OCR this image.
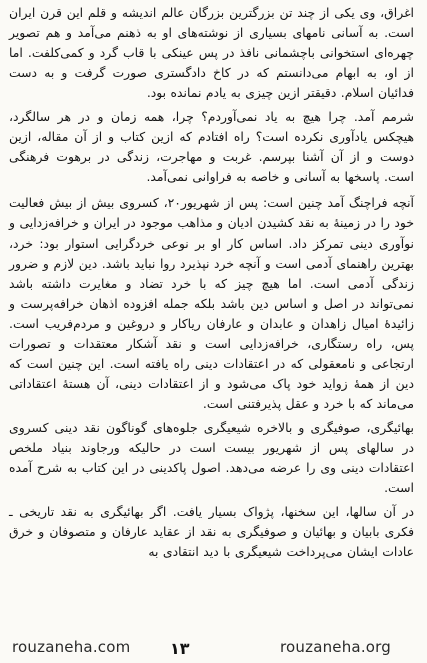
اغراق، وی یکی از چند تن بزرگترین بزرگان عالم اندیشه و قلم این قرن ایران است. به آسانی نامهای بسیاری از نوشته‌های او به ذهنم می‌آمد و هم تصویر چهره‌ای استخوانی باچشمانی نافذ در پس عینکی با قاب گرد و کمی‌کلفت. اما از او، به ابهام می‌دانستم که در کاخ دادگستری صورت گرفت و به دست فدائیان اسلام. دقیقتر ازین چیزی به یادم نمانده بود.

شرمم آمد. چرا هیچ به یاد نمی‌آوردم؟ چرا، همه زمان و در هر سالگرد، هیچکس یادآوری نکرده است؟ راه افتادم که ازین کتاب و از آن مقاله، ازین دوست و از آن آشنا بپرسم. غربت و مهاجرت، زندگی در برهوت فرهنگی است. پاسخها به آسانی و خاصه به فراوانی نمی‌آمد.

آنچه فراچنگ آمد چنین است: پس از شهریور۲۰، کسروی بیش از بیش فعالیت خود را در زمینهٔ به نقد کشیدن ادیان و مذاهب موجود در ایران و خرافه‌زدایی و نوآوری دینی تمرکز داد. اساس کار او بر نوعی خردگرایی استوار بود: خرد، بهترین راهنمای آدمی است و آنچه خرد نپذیرد روا نباید باشد. دین لازم و ضرور زندگی آدمی است. اما هیچ چیز که با خرد تضاد و مغایرت داشته باشد نمی‌تواند در اصل و اساس دین باشد بلکه جمله افزوده اذهان خرافه‌پرست و زائیدهٔ امیال زاهدان و عابدان و عارفان ریاکار و دروغین و مردم‌فریب است. پس، راه رستگاری، خرافه‌زدایی است و نقد آشکار معتقدات و تصورات ارتجاعی و نامعقولی که در اعتقادات دینی راه یافته است. این چنین است که دین از همهٔ زواید خود پاک می‌شود و از اعتقادات دینی، آن هستهٔ اعتقاداتی می‌ماند که با خرد و عقل پذیرفتنی است.

بهائیگری، صوفیگری و بالاخره شیعیگری جلوه‌های گوناگون نقد دینی کسروی در سالهای پس از شهریور بیست است در حالیکه ورجاوند بنیاد ملخص اعتقادات دینی وی را عرضه می‌دهد. اصول پاکدینی در این کتاب به شرح آمده است.

در آن سالها، این سخنها، پژواک بسیار یافت. اگر بهائیگری به نقد تاریخی ـ فکری بابیان و بهائیان و صوفیگری به نقد از عقاید عارفان و متصوفان و خرق عادات ایشان می‌پرداخت شیعیگری با دید انتقادی به

rouzaneha.com ۱۳	rouzaneha.org
